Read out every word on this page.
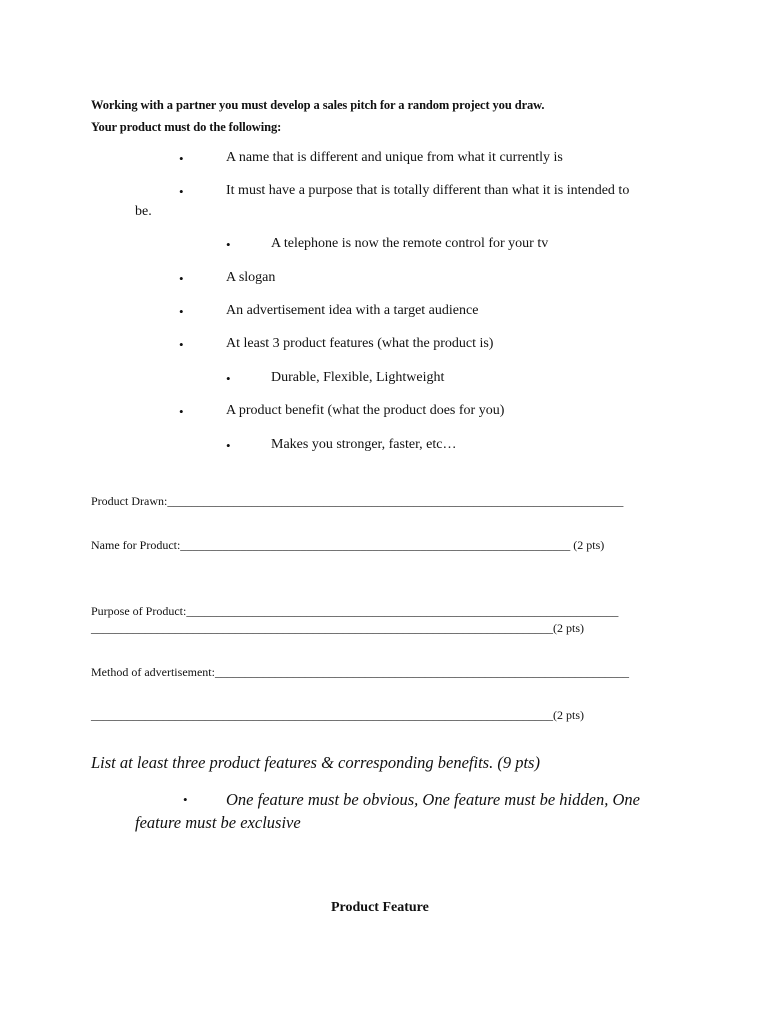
Working with a partner you must develop a sales pitch for a random project you draw.
Your product must do the following:
•	A name that is different and unique from what it currently is
•	It must have a purpose that is totally different than what it is intended to
be.
•	A telephone is now the remote control for your tv
•	A slogan
•	An advertisement idea with a target audience
•	At least 3 product features (what the product is)
•	Durable, Flexible, Lightweight
•	A product benefit (what the product does for you)
•	Makes you stronger, faster, etc…
Product Drawn:____________________________________________________________________________
Name for Product:_________________________________________________________________ (2 pts)
Purpose of Product:________________________________________________________________________
_____________________________________________________________________________(2 pts)
Method of advertisement:_____________________________________________________________________
_____________________________________________________________________________(2 pts)
List at least three product features & corresponding benefits. (9 pts)
• One feature must be obvious, One feature must be hidden, One
feature must be exclusive
Product Feature
